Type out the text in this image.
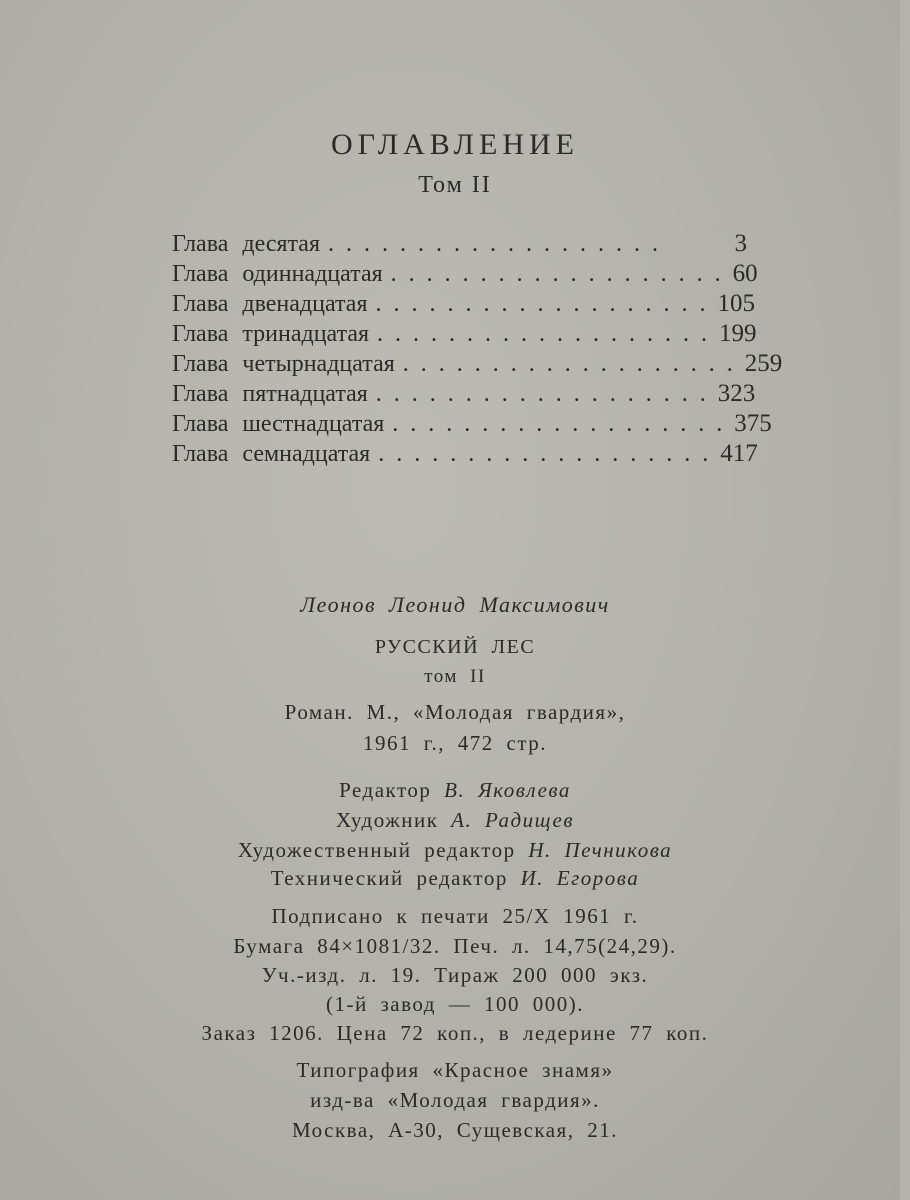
ОГЛАВЛЕНИЕ
Том II
Глава десятая ...................	3
Глава одиннадцатая ................... 60
Глава двенадцатая ................... 105
Глава тринадцатая ................... 199
Глава четырнадцатая ................... 259
Глава пятнадцатая ................... 323
Глава шестнадцатая ................... 375
Глава семнадцатая ................... 417
Леонов Леонид Максимович
РУССКИЙ ЛЕС
том II
Роман. М., «Молодая гвардия»,
1961 г., 472 стр.
Редактор В. Яковлева
Художник А. Радищев
Художественный редактор Н. Печникова
Технический редактор И. Егорова
Подписано к печати 25/X 1961 г.
Бумага 84×1081/32. Печ. л. 14,75(24,29).
Уч.-изд. л. 19. Тираж 200 000 экз.
(1-й завод — 100 000).
Заказ 1206. Цена 72 коп., в ледерине 77 коп.
Типография «Красное знамя»
изд-ва «Молодая гвардия».
Москва, А-30, Сущевская, 21.
